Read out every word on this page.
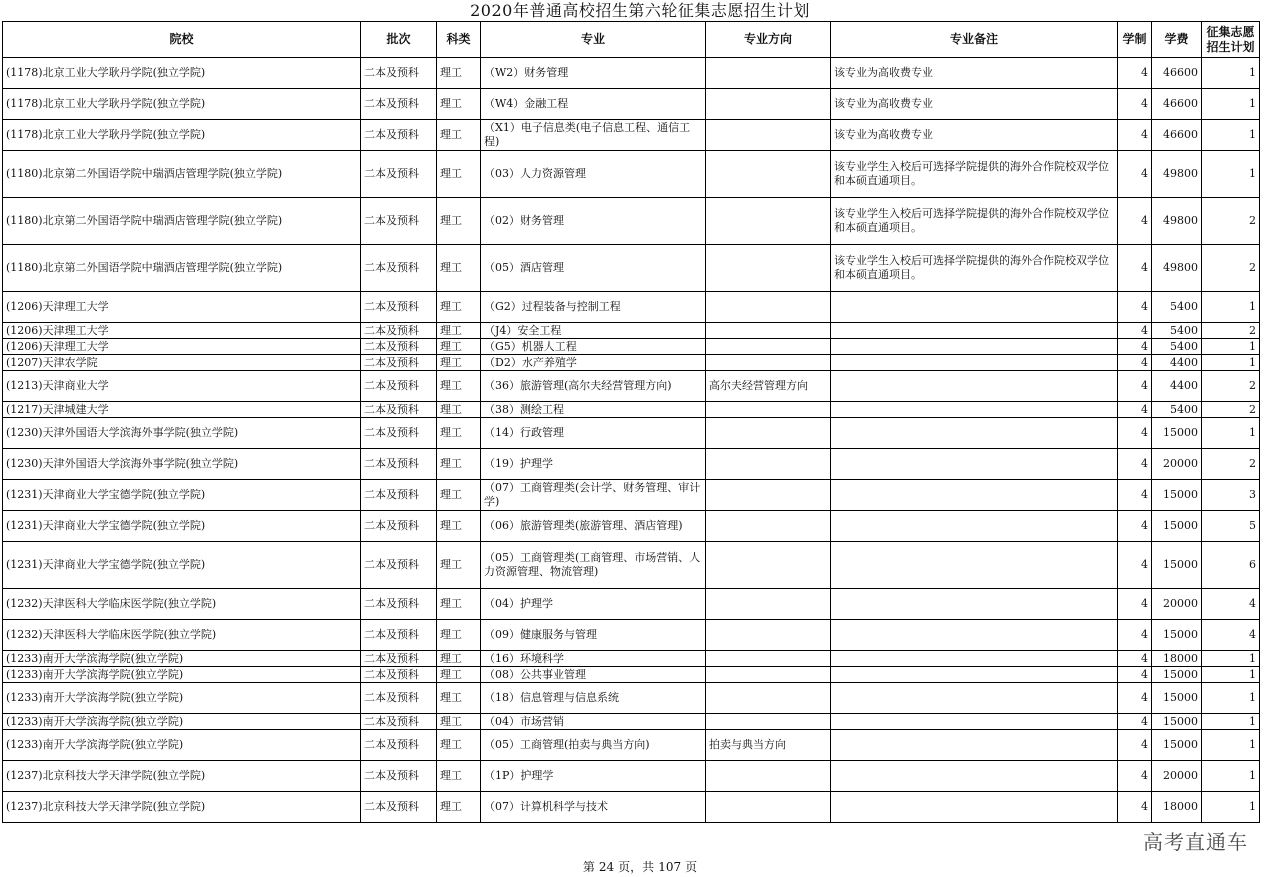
2020年普通高校招生第六轮征集志愿招生计划
院校	批次	科类	专业	专业方向	专业备注	学制	学费	征集志愿招生计划
(1178)北京工业大学耿丹学院(独立学院)	二本及预科	理工	（W2）财务管理		该专业为高收费专业	4	46600	1
(1178)北京工业大学耿丹学院(独立学院)	二本及预科	理工	（W4）金融工程		该专业为高收费专业	4	46600	1
(1178)北京工业大学耿丹学院(独立学院)	二本及预科	理工	（X1）电子信息类(电子信息工程、通信工程)		该专业为高收费专业	4	46600	1
(1180)北京第二外国语学院中瑞酒店管理学院(独立学院)	二本及预科	理工	（03）人力资源管理		该专业学生入校后可选择学院提供的海外合作院校双学位和本硕直通项目。	4	49800	1
(1180)北京第二外国语学院中瑞酒店管理学院(独立学院)	二本及预科	理工	（02）财务管理		该专业学生入校后可选择学院提供的海外合作院校双学位和本硕直通项目。	4	49800	2
(1180)北京第二外国语学院中瑞酒店管理学院(独立学院)	二本及预科	理工	（05）酒店管理		该专业学生入校后可选择学院提供的海外合作院校双学位和本硕直通项目。	4	49800	2
(1206)天津理工大学	二本及预科	理工	（G2）过程装备与控制工程			4	5400	1
(1206)天津理工大学	二本及预科	理工	（J4）安全工程			4	5400	2
(1206)天津理工大学	二本及预科	理工	（G5）机器人工程			4	5400	1
(1207)天津农学院	二本及预科	理工	（D2）水产养殖学			4	4400	1
(1213)天津商业大学	二本及预科	理工	（36）旅游管理(高尔夫经营管理方向)	高尔夫经营管理方向		4	4400	2
(1217)天津城建大学	二本及预科	理工	（38）测绘工程			4	5400	2
(1230)天津外国语大学滨海外事学院(独立学院)	二本及预科	理工	（14）行政管理			4	15000	1
(1230)天津外国语大学滨海外事学院(独立学院)	二本及预科	理工	（19）护理学			4	20000	2
(1231)天津商业大学宝德学院(独立学院)	二本及预科	理工	（07）工商管理类(会计学、财务管理、审计学)			4	15000	3
(1231)天津商业大学宝德学院(独立学院)	二本及预科	理工	（06）旅游管理类(旅游管理、酒店管理)			4	15000	5
(1231)天津商业大学宝德学院(独立学院)	二本及预科	理工	（05）工商管理类(工商管理、市场营销、人力资源管理、物流管理)			4	15000	6
(1232)天津医科大学临床医学院(独立学院)	二本及预科	理工	（04）护理学			4	20000	4
(1232)天津医科大学临床医学院(独立学院)	二本及预科	理工	（09）健康服务与管理			4	15000	4
(1233)南开大学滨海学院(独立学院)	二本及预科	理工	（16）环境科学			4	18000	1
(1233)南开大学滨海学院(独立学院)	二本及预科	理工	（08）公共事业管理			4	15000	1
(1233)南开大学滨海学院(独立学院)	二本及预科	理工	（18）信息管理与信息系统			4	15000	1
(1233)南开大学滨海学院(独立学院)	二本及预科	理工	（04）市场营销			4	15000	1
(1233)南开大学滨海学院(独立学院)	二本及预科	理工	（05）工商管理(拍卖与典当方向)	拍卖与典当方向		4	15000	1
(1237)北京科技大学天津学院(独立学院)	二本及预科	理工	（1P）护理学			4	20000	1
(1237)北京科技大学天津学院(独立学院)	二本及预科	理工	（07）计算机科学与技术			4	18000	1
高考直通车
第 24 页，共 107 页
